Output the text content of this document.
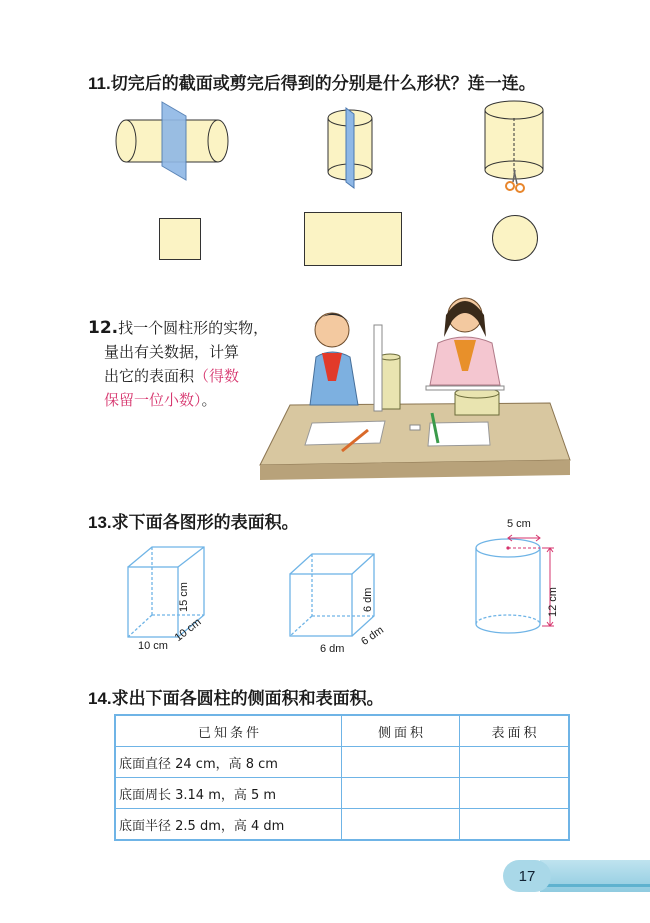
11.切完后的截面或剪完后得到的分别是什么形状？连一连。
12.找一个圆柱形的实物，
量出有关数据，计算
出它的表面积（得数
保留一位小数）。
13.求下面各图形的表面积。
15 cm
10 cm
10 cm
6 dm
6 dm
6 dm
5 cm
12 cm
14.求出下面各圆柱的侧面积和表面积。
已知条件	侧面积	表面积
底面直径 24 cm，高 8 cm		
底面周长 3.14 m，高 5 m		
底面半径 2.5 dm，高 4 dm		
17
